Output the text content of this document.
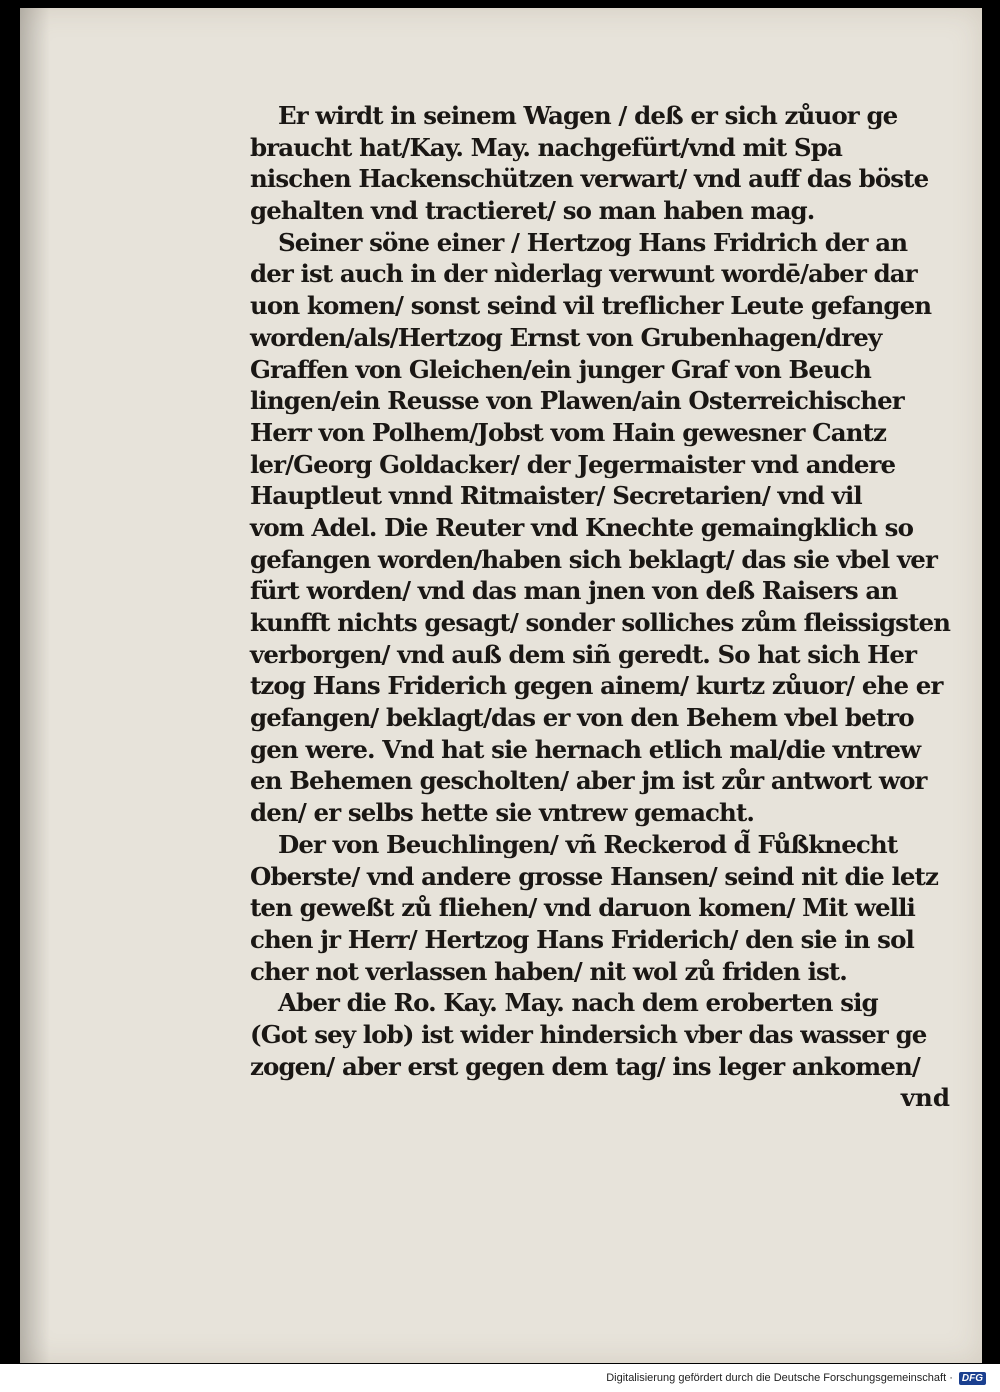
Er wirdt in seinem Wagen / deß er sich zůuor ge
braucht hat/Kay. May. nachgefürt/vnd mit Spa
nischen Hackenschützen verwart/ vnd auff das böste
gehalten vnd tractieret/ so man haben mag.
Seiner söne einer / Hertzog Hans Fridrich der an
der ist auch in der nìderlag verwunt wordē/aber dar
uon komen/ sonst seind vil treflicher Leute gefangen
worden/als/Hertzog Ernst von Grubenhagen/drey
Graffen von Gleichen/ein junger Graf von Beuch
lingen/ein Reusse von Plawen/ain Osterreichischer
Herr von Polhem/Jobst vom Hain gewesner Cantz
ler/Georg Goldacker/ der Jegermaister vnd andere
Hauptleut vnnd Ritmaister/ Secretarien/ vnd vil
vom Adel. Die Reuter vnd Knechte gemaingklich so
gefangen worden/haben sich beklagt/ das sie vbel ver
fürt worden/ vnd das man jnen von deß Raisers an
kunfft nichts gesagt/ sonder solliches zům fleissigsten
verborgen/ vnd auß dem siñ geredt. So hat sich Her
tzog Hans Friderich gegen ainem/ kurtz zůuor/ ehe er
gefangen/ beklagt/das er von den Behem vbel betro
gen were. Vnd hat sie hernach etlich mal/die vntrew
en Behemen gescholten/ aber jm ist zůr antwort wor
den/ er selbs hette sie vntrew gemacht.
Der von Beuchlingen/ vñ Reckerod d̃ Fůßknecht
Oberste/ vnd andere grosse Hansen/ seind nit die letz
ten geweßt zů fliehen/ vnd daruon komen/ Mit welli
chen jr Herr/ Hertzog Hans Friderich/ den sie in sol
cher not verlassen haben/ nit wol zů friden ist.
Aber die Ro. Kay. May. nach dem eroberten sig
(Got sey lob) ist wider hindersich vber das wasser ge
zogen/ aber erst gegen dem tag/ ins leger ankomen/
vnd
Digitalisierung gefördert durch die Deutsche Forschungsgemeinschaft · DFG
